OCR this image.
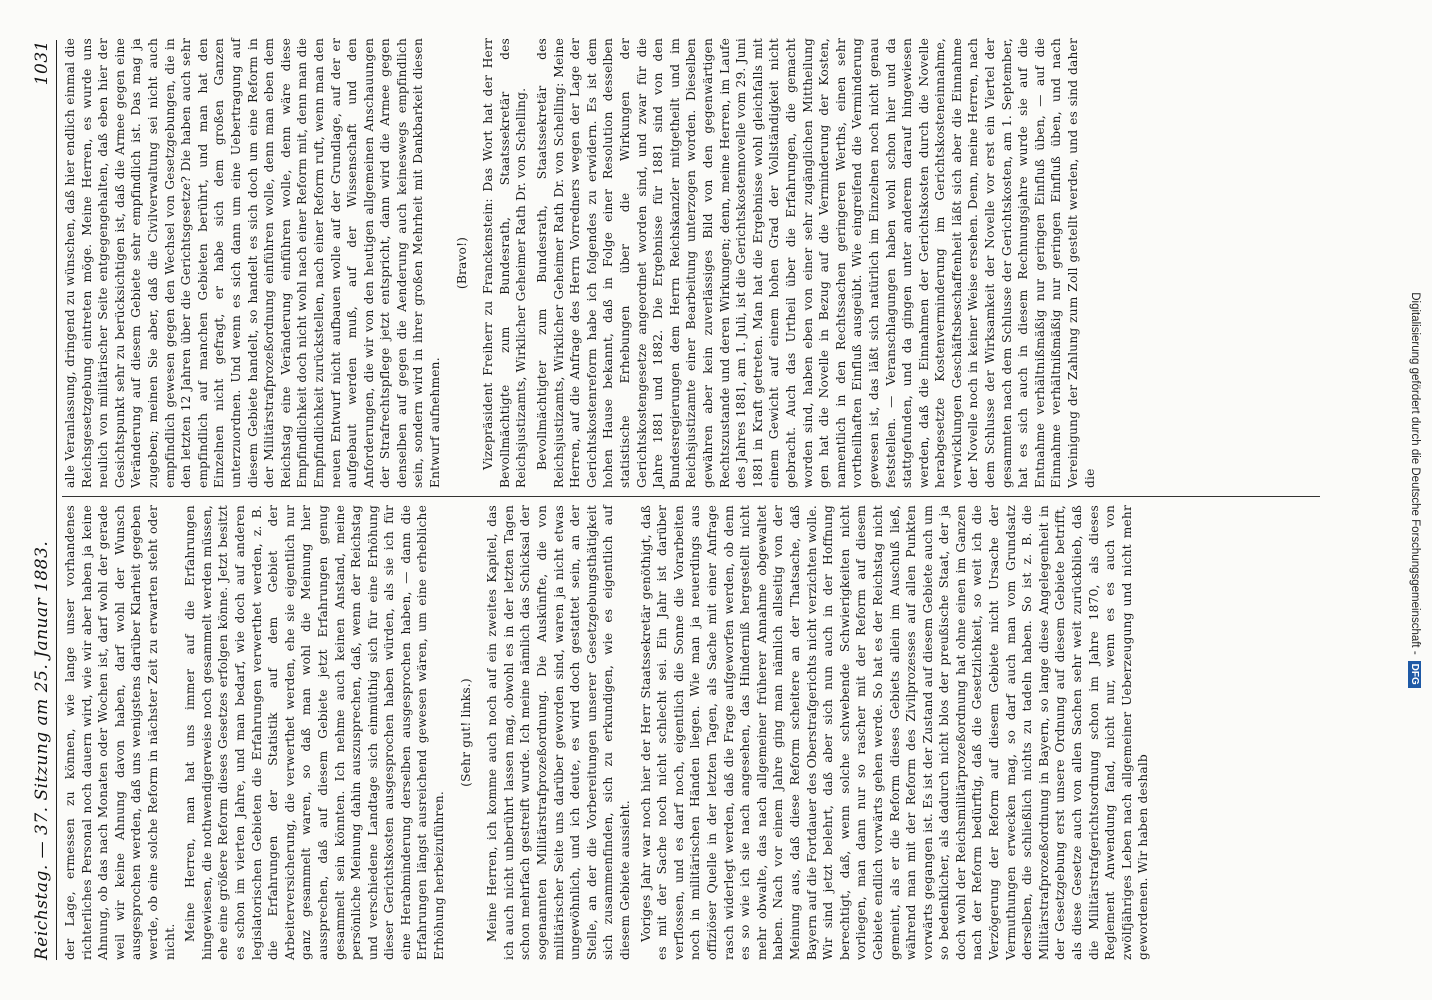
Reichstag. — 37. Sitzung am 25. Januar 1883.
1031

der Lage, ermessen zu können, wie lange unser vorhandenes richterliches Personal noch dauern wird, wie wir aber haben ja keine Ahnung, ob das nach Monaten oder Wochen ist, darf wohl der gerade weil wir keine Ahnung davon haben, darf wohl der Wunsch ausgesprochen werden, daß uns wenigstens darüber Klarheit gegeben werde, ob eine solche Reform in nächster Zeit zu erwarten steht oder nicht. Meine Herren, man hat uns immer auf die Erfahrungen hingewiesen, die nothwendigerweise noch gesammelt werden müssen, ehe eine größere Reform dieses Gesetzes erfolgen könne. Jetzt besitzt es schon im vierten Jahre, und man bedarf, wie doch auf anderen legislatorischen Gebieten die Erfahrungen verwerthet werden, z. B. die Erfahrungen der Statistik auf dem Gebiet der Arbeiterversicherung, die verwerthet werden, ehe sie eigentlich nur ganz gesammelt waren, so daß man wohl die Meinung hier aussprechen, daß auf diesem Gebiete jetzt Erfahrungen genug gesammelt sein könnten. Ich nehme auch keinen Anstand, meine persönliche Meinung dahin auszusprechen, daß, wenn der Reichstag und verschiedene Landtage sich einmüthig sich für eine Erhöhung dieser Gerichtskosten ausgesprochen haben würden, als sie ich für eine Herabminderung derselben ausgesprochen haben, — dann die Erfahrungen längst ausreichend gewesen wären, um eine erhebliche Erhöhung herbeizuführen.

(Sehr gut! links.) Meine Herren, ich komme auch noch auf ein zweites Kapitel, das ich auch nicht unberührt lassen mag, obwohl es in der letzten Tagen schon mehrfach gestreift wurde. Ich meine nämlich das Schicksal der sogenannten Militärstrafprozeßordnung. Die Auskünfte, die von militärischer Seite uns darüber geworden sind, waren ja nicht etwas ungewöhnlich, und ich deute, es wird doch gestattet sein, an der Stelle, an der die Vorbereitungen unserer Gesetzgebungsthätigkeit sich zusammenfinden, sich zu erkundigen, wie es eigentlich auf diesem Gebiete aussieht. Voriges Jahr war noch hier der Herr Staatssekretär genöthigt, daß es mit der Sache noch nicht schlecht sei. Ein Jahr ist darüber verflossen, und es darf noch, eigentlich die Sonne die Vorarbeiten noch in militärischen Händen liegen. Wie man ja neuerdings aus offiziöser Quelle in der letzten Tagen, als Sache mit einer Anfrage rasch widerlegt werden, daß die Frage aufgeworfen werden, ob denn es so wie ich sie nach angesehen, das Hinderniß hergestellt nicht mehr obwalte, das nach allgemeiner früherer Annahme obgewaltet haben. Nach vor einem Jahre ging man nämlich allseitig von der Meinung aus, daß diese Reform scheitere an der Thatsache, daß Bayern auf die Fortdauer des Oberstrafgerichts nicht verzichten wolle. Wir sind jetzt belehrt, daß aber sich nun auch in der Hoffnung berechtigt, daß, wenn solche schwebende Schwierigkeiten nicht vorliegen, man dann nur so rascher mit der Reform auf diesem Gebiete endlich vorwärts gehen werde. So hat es der Reichstag nicht gemeint, als er die Reform dieses Gebiets allein im Auschuß ließ, während man mit der Reform des Zivilprozesses auf allen Punkten vorwärts gegangen ist. Es ist der Zustand auf diesem Gebiete auch um so bedenklicher, als dadurch nicht blos der preußische Staat, der ja doch wohl der Reichsmilitärprozeßordnung hat ohne einen im Ganzen nach der Reform bedürftig, daß die Gesetzlichkeit, so weit ich die Verzögerung der Reform auf diesem Gebiete nicht Ursache der Vermuthungen erwecken mag, so darf auch man vom Grundsatz derselben, die schließlich nichts zu tadeln haben. So ist z. B. die Militärstrafprozeßordnung in Bayern, so lange diese Angelegenheit in der Gesetzgebung erst unsere Ordnung auf diesem Gebiete betrifft, als diese Gesetze auch von allen Sachen sehr weit zurückblieb, daß die Militärstrafgerichtsordnung schon im Jahre 1870, als dieses Reglement Anwendung fand, nicht nur, wenn es es auch von zwölfjähriges Leben nach allgemeiner Ueberzeugung und nicht mehr gewordenen. Wir haben deshalb

alle Veranlassung, dringend zu wünschen, daß hier endlich einmal die Reichsgesetzgebung eintreten möge. Meine Herren, es wurde uns neulich von militärischer Seite entgegengehalten, daß eben hier der Gesichtspunkt sehr zu berücksichtigen ist, daß die Armee gegen eine Veränderung auf diesem Gebiete sehr empfindlich ist. Das mag ja zugeben; meinen Sie aber, daß die Civilverwaltung sei nicht auch empfindlich gewesen gegen den Wechsel von Gesetzgebungen, die in den letzten 12 Jahren über die Gerichtsgesetze? Die haben auch sehr empfindlich auf manchen Gebieten berührt, und man hat den Einzelnen nicht gefragt, er habe sich dem großen Ganzen unterzuordnen. Und wenn es sich dann um eine Uebertragung auf diesem Gebiete handelt, so handelt es sich doch um eine Reform in der Militärstrafprozeßordnung einführen wolle, denn man eben dem Reichstag eine Veränderung einführen wolle, denn wäre diese Empfindlichkeit doch nicht wohl nach einer Reform mit, denn man die Empfindlichkeit zurückstellen, nach einer Reform ruft, wenn man den neuen Entwurf nicht aufbauen wolle auf der Grundlage, auf der er aufgebaut werden muß, auf der Wissenschaft und den Anforderungen, die wir von den heutigen allgemeinen Anschauungen der Strafrechtspflege jetzt entspricht, dann wird die Armee gegen denselben auf gegen die Aenderung auch keineswegs empfindlich sein, sondern wird in ihrer großen Mehrheit mit Dankbarkeit diesen Entwurf aufnehmen.

(Bravo!) Vizepräsident Freiherr zu Franckenstein: Das Wort hat der Herr Bevollmächtigte zum Bundesrath, Staatssekretär des Reichsjustizamts, Wirklicher Geheimer Rath Dr. von Schelling. Bevollmächtigter zum Bundesrath, Staatssekretär des Reichsjustizamts, Wirklicher Geheimer Rath Dr. von Schelling: Meine Herren, auf die Anfrage des Herrn Vorredners wegen der Lage der Gerichtskostenreform habe ich folgendes zu erwidern. Es ist dem hohen Hause bekannt, daß in Folge einer Resolution desselben statistische Erhebungen über die Wirkungen der Gerichtskostengesetze angeordnet worden sind, und zwar für die Jahre 1881 und 1882. Die Ergebnisse für 1881 sind von den Bundesregierungen dem Herrn Reichskanzler mitgetheilt und im Reichsjustizamte einer Bearbeitung unterzogen worden. Dieselben gewähren aber kein zuverlässiges Bild von den gegenwärtigen Rechtszustande und deren Wirkungen; denn, meine Herren, im Laufe des Jahres 1881, am 1. Juli, ist die Gerichtskostennovelle vom 29. Juni 1881 in Kraft getreten. Man hat die Ergebnisse wohl gleichfalls mit einem Gewicht auf einem hohen Grad der Vollständigkeit nicht gebracht. Auch das Urtheil über die Erfahrungen, die gemacht worden sind, haben eben von einer sehr zugänglichen Mittheilung gen hat die Novelle in Bezug auf die Verminderung der Kosten, namentlich in den Rechtssachen geringeren Werths, einen sehr vortheilhaften Einfluß ausgeübt. Wie eingreifend die Verminderung gewesen ist, das läßt sich natürlich im Einzelnen noch nicht genau feststellen. — Veranschlagungen haben wohl schon hier und da stattgefunden, und da gingen unter anderem darauf hingewiesen werden, daß die Einnahmen der Gerichtskosten durch die Novelle herabgesetzte Kostenverminderung im Gerichtskosteneinnahme, verwicklungen Geschäftsbeschaffenheit läßt sich aber die Einnahme der Novelle noch in keiner Weise ersehen. Denn, meine Herren, nach dem Schlusse der Wirksamkeit der Novelle vor erst ein Viertel der gesammten nach dem Schlusse der Gerichtskosten, am 1. September, hat es sich auch in diesem Rechnungsjahre wurde sie auf die Entnahme verhältnißmäßig nur geringen Einfluß üben, — auf die Einnahme verhältnißmäßig nur geringen Einfluß üben, und nach Vereinigung der Zahlung zum Zoll gestellt werden, und es sind daher die	Digitalisierung gefördert durch die Deutsche Forschungsgemeinschaft -
DFG
